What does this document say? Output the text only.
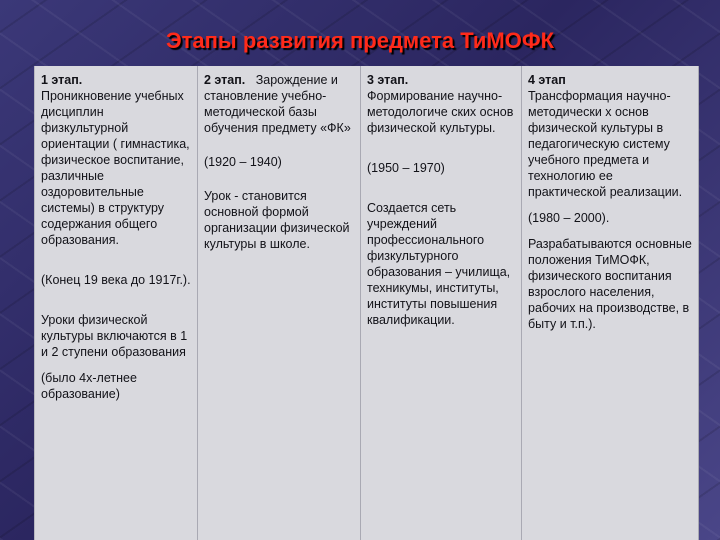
Этапы развития предмета ТиМОФК

1 этап.

Проникновение учебных дисциплин физкультурной ориентации ( гимнастика, физическое воспитание, различные оздоровительные системы) в структуру содержания общего образования.

(Конец 19 века до 1917г.).

Уроки физической культуры включаются в 1 и 2 ступени образования

(было 4х-летнее образование)

2 этап. Зарождение и становление учебно-методической базы обучения предмету «ФК»

(1920 – 1940)

Урок - становится основной формой организации физической культуры в школе.

3 этап.

Формирование научно-методологиче ских основ физической культуры.

(1950 – 1970)

Создается сеть учреждений профессионального физкультурного образования – училища, техникумы, институты, институты повышения квалификации.

4 этап

Трансформация научно-методически х основ физической культуры в педагогическую систему учебного предмета и технологию ее практической реализации.

(1980 – 2000).

Разрабатываются основные положения ТиМОФК, физического воспитания взрослого населения, рабочих на производстве, в быту и т.п.).
